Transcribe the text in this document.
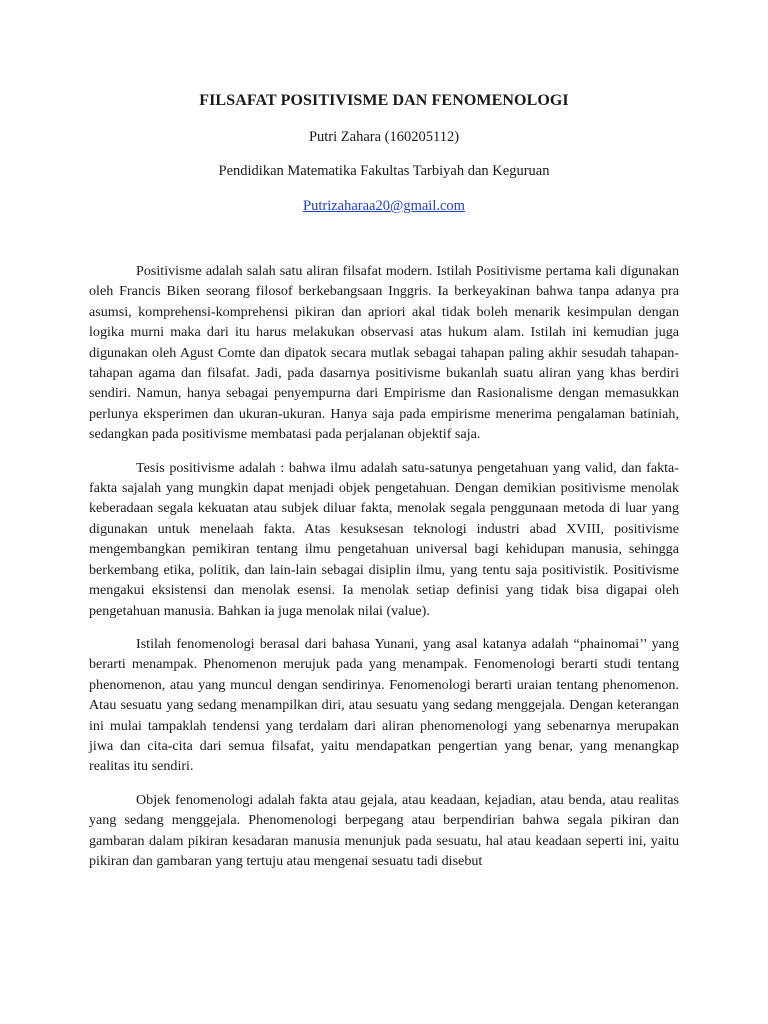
FILSAFAT POSITIVISME DAN FENOMENOLOGI

Putri Zahara (160205112)

Pendidikan Matematika Fakultas Tarbiyah dan Keguruan

Putrizaharaa20@gmail.com

Positivisme adalah salah satu aliran filsafat modern. Istilah Positivisme pertama kali digunakan oleh Francis Biken seorang filosof berkebangsaan Inggris. Ia berkeyakinan bahwa tanpa adanya pra asumsi, komprehensi-komprehensi pikiran dan apriori akal tidak boleh menarik kesimpulan dengan logika murni maka dari itu harus melakukan observasi atas hukum alam. Istilah ini kemudian juga digunakan oleh Agust Comte dan dipatok secara mutlak sebagai tahapan paling akhir sesudah tahapan-tahapan agama dan filsafat. Jadi, pada dasarnya positivisme bukanlah suatu aliran yang khas berdiri sendiri. Namun, hanya sebagai penyempurna dari Empirisme dan Rasionalisme dengan memasukkan perlunya eksperimen dan ukuran-ukuran. Hanya saja pada empirisme menerima pengalaman batiniah, sedangkan pada positivisme membatasi pada perjalanan objektif saja.

Tesis positivisme adalah : bahwa ilmu adalah satu-satunya pengetahuan yang valid, dan fakta-fakta sajalah yang mungkin dapat menjadi objek pengetahuan. Dengan demikian positivisme menolak keberadaan segala kekuatan atau subjek diluar fakta, menolak segala penggunaan metoda di luar yang digunakan untuk menelaah fakta. Atas kesuksesan teknologi industri abad XVIII, positivisme mengembangkan pemikiran tentang ilmu pengetahuan universal bagi kehidupan manusia, sehingga berkembang etika, politik, dan lain-lain sebagai disiplin ilmu, yang tentu saja positivistik. Positivisme mengakui eksistensi dan menolak esensi. Ia menolak setiap definisi yang tidak bisa digapai oleh pengetahuan manusia. Bahkan ia juga menolak nilai (value).

Istilah fenomenologi berasal dari bahasa Yunani, yang asal katanya adalah “phainomai’’ yang berarti menampak. Phenomenon merujuk pada yang menampak. Fenomenologi berarti studi tentang phenomenon, atau yang muncul dengan sendirinya. Fenomenologi berarti uraian tentang phenomenon. Atau sesuatu yang sedang menampilkan diri, atau sesuatu yang sedang menggejala. Dengan keterangan ini mulai tampaklah tendensi yang terdalam dari aliran phenomenologi yang sebenarnya merupakan jiwa dan cita-cita dari semua filsafat, yaitu mendapatkan pengertian yang benar, yang menangkap realitas itu sendiri.

Objek fenomenologi adalah fakta atau gejala, atau keadaan, kejadian, atau benda, atau realitas yang sedang menggejala. Phenomenologi berpegang atau berpendirian bahwa segala pikiran dan gambaran dalam pikiran kesadaran manusia menunjuk pada sesuatu, hal atau keadaan seperti ini, yaitu pikiran dan gambaran yang tertuju atau mengenai sesuatu tadi disebut
